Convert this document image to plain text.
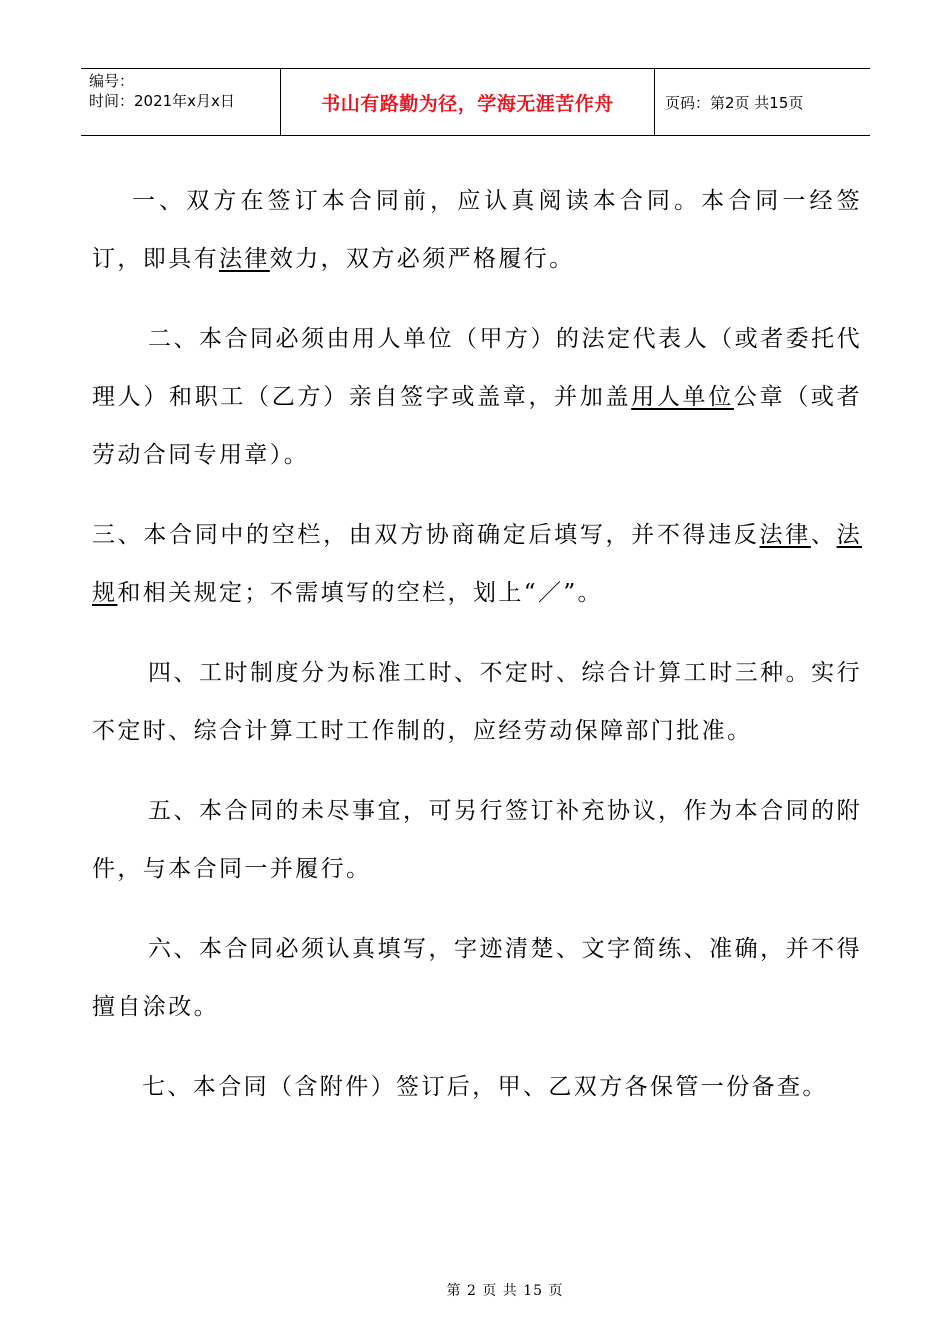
编号：
时间：2021年x月x日	书山有路勤为径，学海无涯苦作舟	页码：第2页 共15页

一、双方在签订本合同前，应认真阅读本合同。本合同一经签订，即具有法律效力，双方必须严格履行。

二、本合同必须由用人单位（甲方）的法定代表人（或者委托代理人）和职工（乙方）亲自签字或盖章，并加盖用人单位公章（或者劳动合同专用章）。

三、本合同中的空栏，由双方协商确定后填写，并不得违反法律、法规和相关规定；不需填写的空栏，划上“／”。

四、工时制度分为标准工时、不定时、综合计算工时三种。实行不定时、综合计算工时工作制的，应经劳动保障部门批准。

五、本合同的未尽事宜，可另行签订补充协议，作为本合同的附件，与本合同一并履行。

六、本合同必须认真填写，字迹清楚、文字简练、准确，并不得擅自涂改。

七、本合同（含附件）签订后，甲、乙双方各保管一份备查。

第 2 页 共 15 页
